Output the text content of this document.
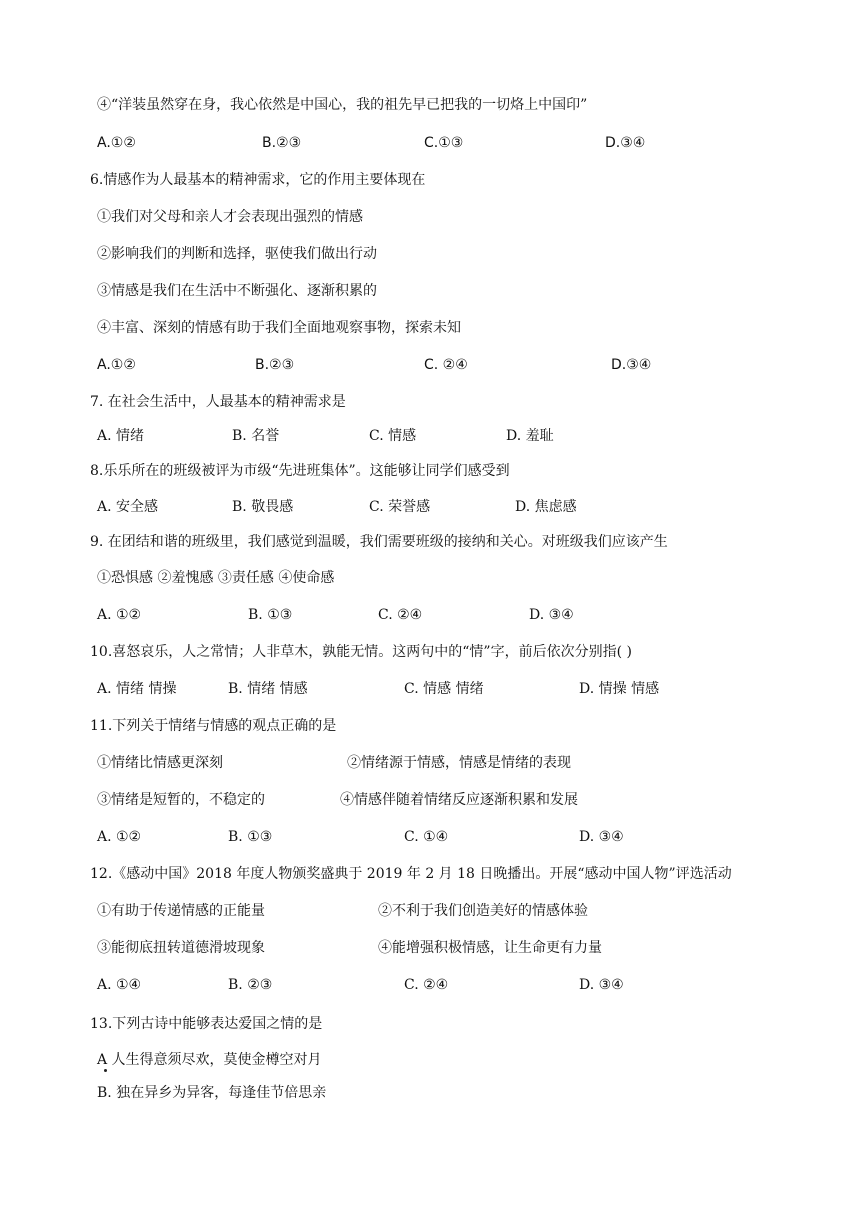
④“洋装虽然穿在身，我心依然是中国心，我的祖先早已把我的一切烙上中国印”
A.①②	B.②③	C.①③	D.③④
6.情感作为人最基本的精神需求，它的作用主要体现在
①我们对父母和亲人才会表现出强烈的情感
②影响我们的判断和选择，驱使我们做出行动
③情感是我们在生活中不断强化、逐渐积累的
④丰富、深刻的情感有助于我们全面地观察事物，探索未知
A.①②	B.②③	C. ②④	D.③④
7. 在社会生活中，人最基本的精神需求是
A. 情绪	B. 名誉	C. 情感	D. 羞耻
8.乐乐所在的班级被评为市级“先进班集体”。这能够让同学们感受到
A. 安全感	B. 敬畏感	C. 荣誉感	D. 焦虑感
9. 在团结和谐的班级里，我们感觉到温暖，我们需要班级的接纳和关心。对班级我们应该产生
①恐惧感 ②羞愧感 ③责任感 ④使命感
A. ①②	B. ①③	C. ②④	D. ③④
10.喜怒哀乐，人之常情；人非草木，孰能无情。这两句中的“情”字，前后依次分别指( )
A. 情绪 情操	B. 情绪 情感	C. 情感 情绪	D. 情操 情感
11.下列关于情绪与情感的观点正确的是
①情绪比情感更深刻	②情绪源于情感，情感是情绪的表现
③情绪是短暂的，不稳定的	④情感伴随着情绪反应逐渐积累和发展
A. ①②	B. ①③	C. ①④	D. ③④
12.《感动中国》2018 年度人物颁奖盛典于 2019 年 2 月 18 日晚播出。开展“感动中国人物”评选活动
①有助于传递情感的正能量	②不利于我们创造美好的情感体验
③能彻底扭转道德滑坡现象	④能增强积极情感，让生命更有力量
A. ①④	B. ②③	C. ②④	D. ③④
13.下列古诗中能够表达爱国之情的是
A 人生得意须尽欢，莫使金樽空对月
B. 独在异乡为异客，每逢佳节倍思亲
